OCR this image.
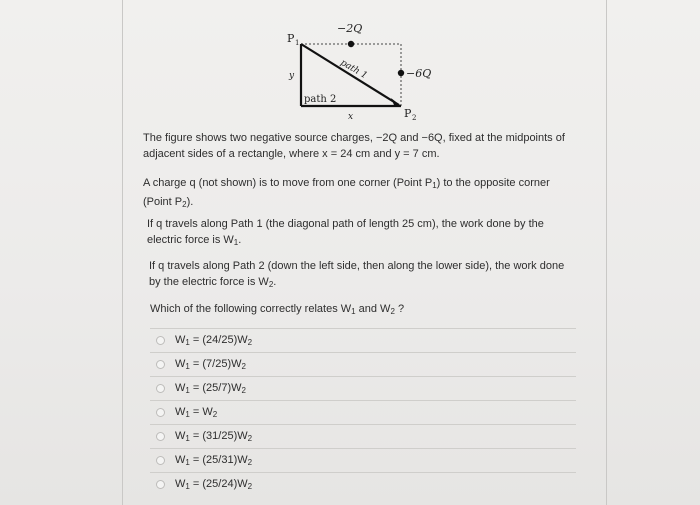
−2Q
−6Q
P 1
P 2
path 1
path 2
x
y
The figure shows two negative source charges, −2Q and −6Q, fixed at the midpoints of adjacent sides of a rectangle, where x = 24 cm and y = 7 cm.
A charge q (not shown) is to move from one corner (Point $P_1$) to the opposite corner (Point $P_2$).
If q travels along Path 1 (the diagonal path of length 25 cm), the work done by the electric force is $W_1$.
If q travels along Path 2 (down the left side, then along the lower side), the work done by the electric force is $W_2$.
Which of the following correctly relates $W_1$ and $W_2$ ?
$W_1 = (24/25)W_2$
$W_1 = (7/25)W_2$
$W_1 = (25/7)W_2$
$W_1 = W_2$
$W_1 = (31/25)W_2$
$W_1 = (25/31)W_2$
$W_1 = (25/24)W_2$
